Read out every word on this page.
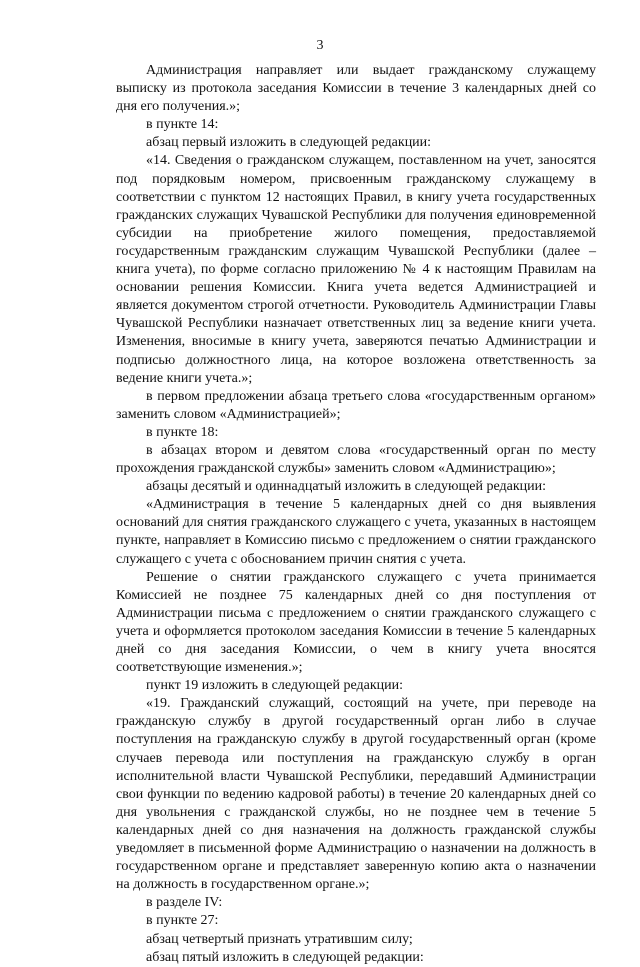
3

Администрация направляет или выдает гражданскому служащему выписку из протокола заседания Комиссии в течение 3 календарных дней со дня его получения.»;

в пункте 14:

абзац первый изложить в следующей редакции:

«14. Сведения о гражданском служащем, поставленном на учет, заносятся под порядковым номером, присвоенным гражданскому служащему в соответствии с пунктом 12 настоящих Правил, в книгу учета государственных гражданских служащих Чувашской Республики для получения единовременной субсидии на приобретение жилого помещения, предоставляемой государственным гражданским служащим Чувашской Республики (далее – книга учета), по форме согласно приложению № 4 к настоящим Правилам на основании решения Комиссии. Книга учета ведется Администрацией и является документом строгой отчетности. Руководитель Администрации Главы Чувашской Республики назначает ответственных лиц за ведение книги учета. Изменения, вносимые в книгу учета, заверяются печатью Администрации и подписью должностного лица, на которое возложена ответственность за ведение книги учета.»;

в первом предложении абзаца третьего слова «государственным органом» заменить словом «Администрацией»;

в пункте 18:

в абзацах втором и девятом слова «государственный орган по месту прохождения гражданской службы» заменить словом «Администрацию»;

абзацы десятый и одиннадцатый изложить в следующей редакции:

«Администрация в течение 5 календарных дней со дня выявления оснований для снятия гражданского служащего с учета, указанных в настоящем пункте, направляет в Комиссию письмо с предложением о снятии гражданского служащего с учета с обоснованием причин снятия с учета.

Решение о снятии гражданского служащего с учета принимается Комиссией не позднее 75 календарных дней со дня поступления от Администрации письма с предложением о снятии гражданского служащего с учета и оформляется протоколом заседания Комиссии в течение 5 календарных дней со дня заседания Комиссии, о чем в книгу учета вносятся соответствующие изменения.»;

пункт 19 изложить в следующей редакции:

«19. Гражданский служащий, состоящий на учете, при переводе на гражданскую службу в другой государственный орган либо в случае поступления на гражданскую службу в другой государственный орган (кроме случаев перевода или поступления на гражданскую службу в орган исполнительной власти Чувашской Республики, передавший Администрации свои функции по ведению кадровой работы) в течение 20 календарных дней со дня увольнения с гражданской службы, но не позднее чем в течение 5 календарных дней со дня назначения на должность гражданской службы уведомляет в письменной форме Администрацию о назначении на должность в государственном органе и представляет заверенную копию акта о назначении на должность в государственном органе.»;

в разделе IV:

в пункте 27:

абзац четвертый признать утратившим силу;

абзац пятый изложить в следующей редакции:
